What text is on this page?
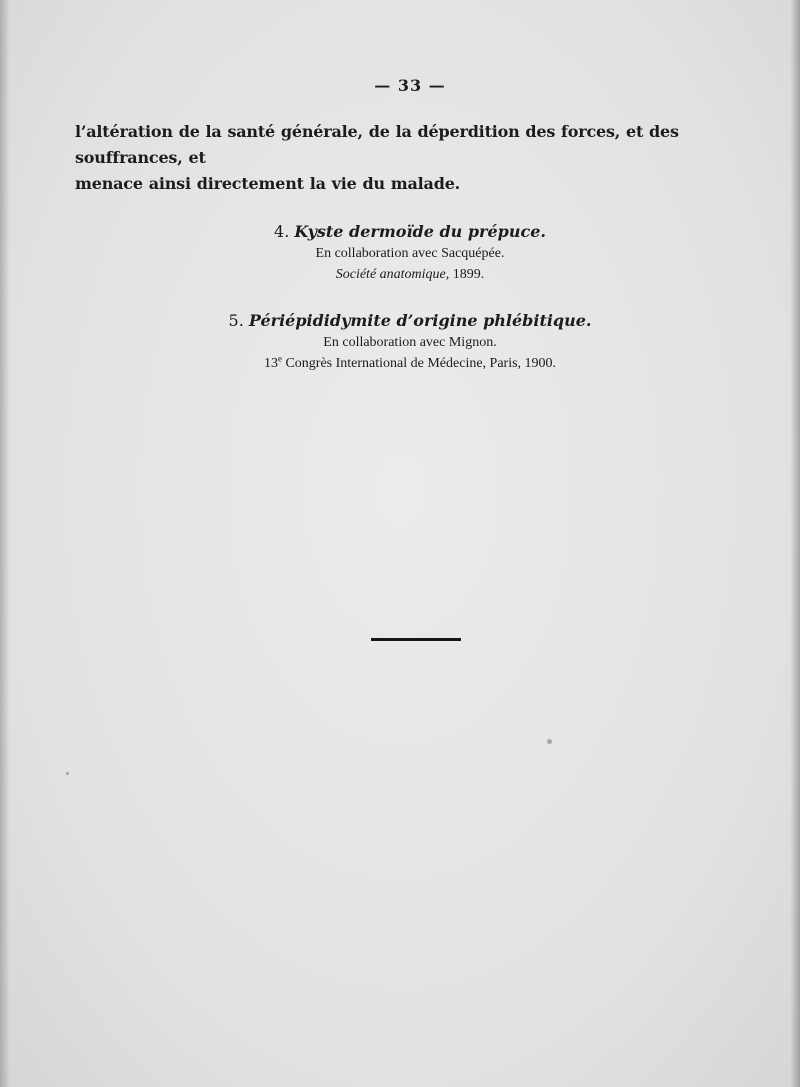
— 33 —
l’altération de la santé générale, de la déperdition des forces, et des souffrances, et
menace ainsi directement la vie du malade.
4. Kyste dermoïde du prépuce.
En collaboration avec Sacquépée.
Société anatomique, 1899.
5. Périépididymite d’origine phlébitique.
En collaboration avec Mignon.
13e Congrès International de Médecine, Paris, 1900.
